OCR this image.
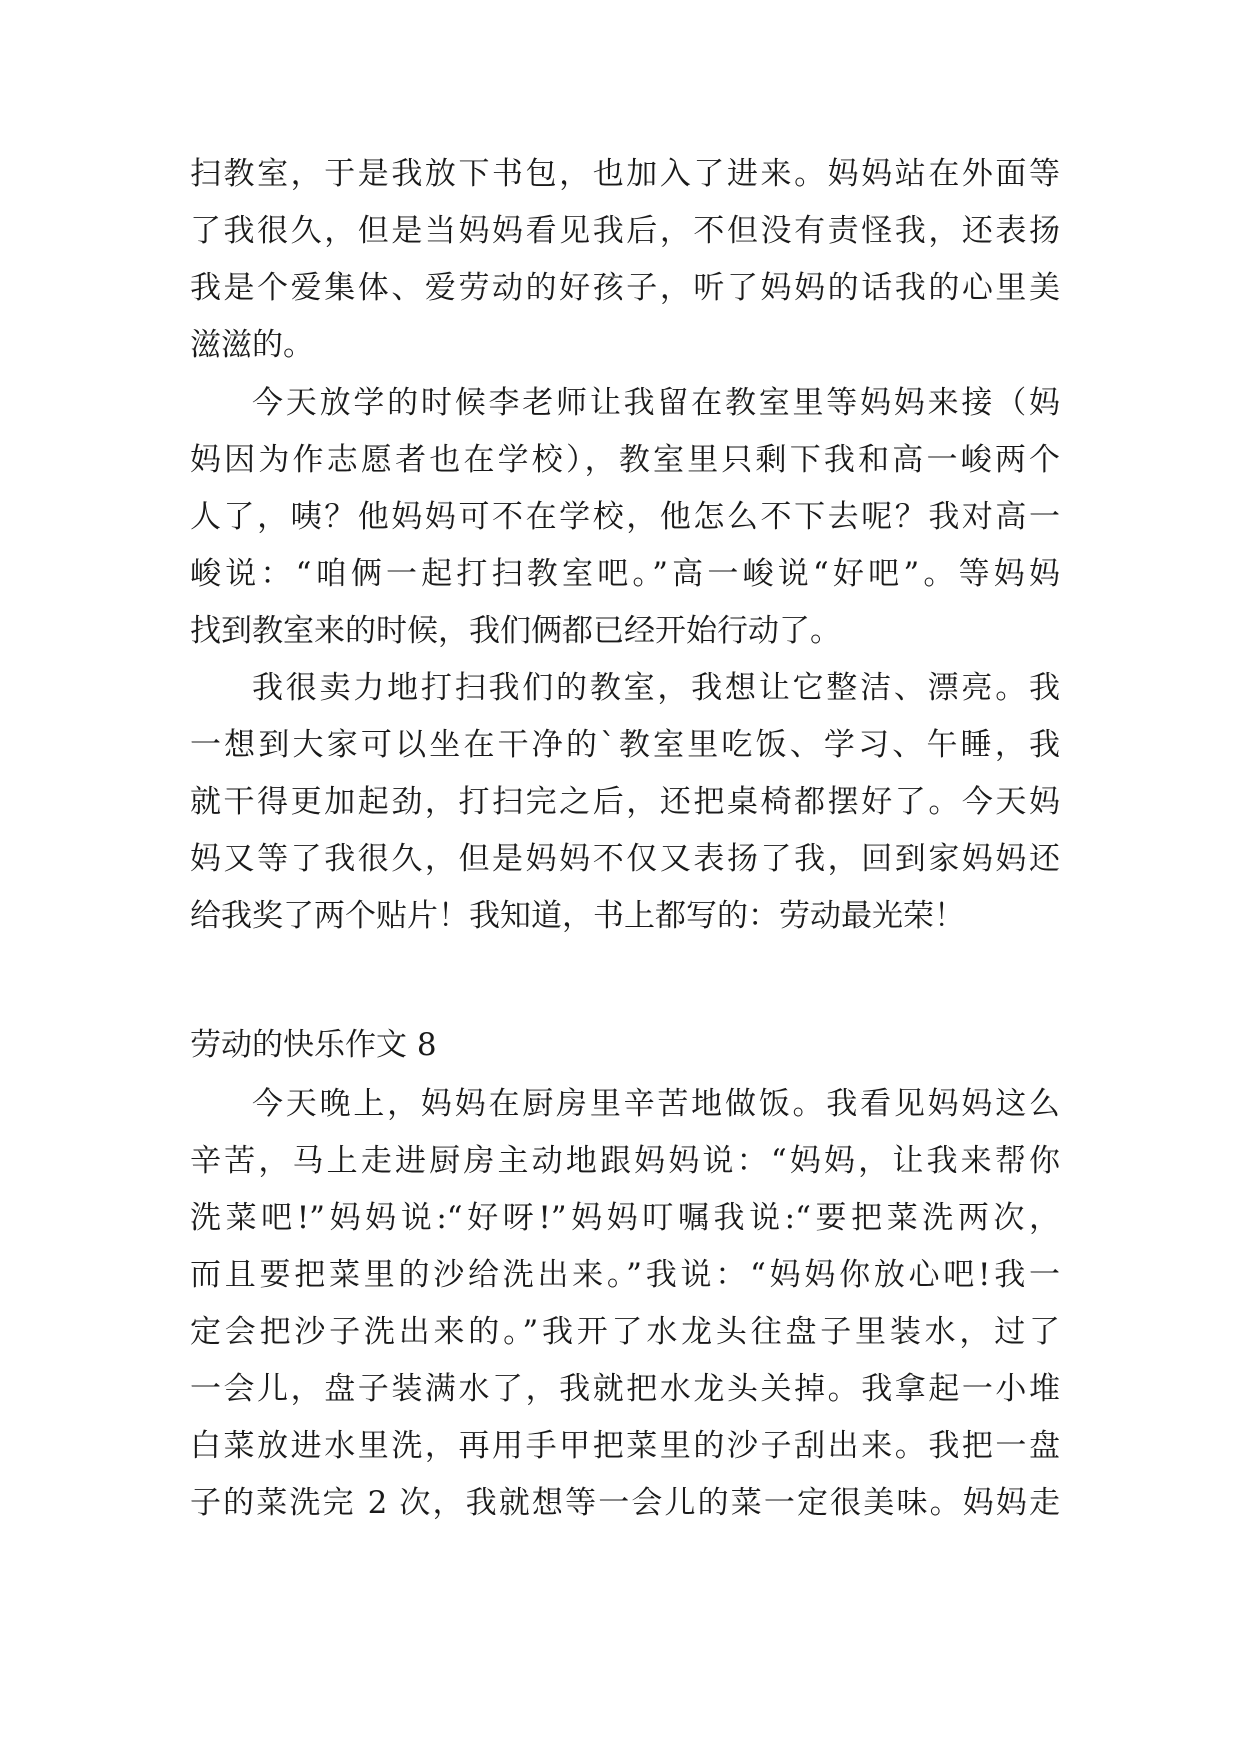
扫教室，于是我放下书包，也加入了进来。妈妈站在外面等
了我很久，但是当妈妈看见我后，不但没有责怪我，还表扬
我是个爱集体、爱劳动的好孩子，听了妈妈的话我的心里美
滋滋的。
今天放学的时候李老师让我留在教室里等妈妈来接（妈
妈因为作志愿者也在学校），教室里只剩下我和高一峻两个
人了，咦？他妈妈可不在学校，他怎么不下去呢？我对高一
峻说：“咱俩一起打扫教室吧。”高一峻说“好吧”。等妈妈
找到教室来的时候，我们俩都已经开始行动了。
我很卖力地打扫我们的教室，我想让它整洁、漂亮。我
一想到大家可以坐在干净的`教室里吃饭、学习、午睡，我
就干得更加起劲，打扫完之后，还把桌椅都摆好了。今天妈
妈又等了我很久，但是妈妈不仅又表扬了我，回到家妈妈还
给我奖了两个贴片！我知道，书上都写的：劳动最光荣！
劳动的快乐作文 8
今天晚上，妈妈在厨房里辛苦地做饭。我看见妈妈这么
辛苦，马上走进厨房主动地跟妈妈说：“妈妈，让我来帮你
洗菜吧!”妈妈说:“好呀!”妈妈叮嘱我说:“要把菜洗两次，
而且要把菜里的沙给洗出来。”我说：“妈妈你放心吧!我一
定会把沙子洗出来的。”我开了水龙头往盘子里装水，过了
一会儿，盘子装满水了，我就把水龙头关掉。我拿起一小堆
白菜放进水里洗，再用手甲把菜里的沙子刮出来。我把一盘
子的菜洗完 2 次，我就想等一会儿的菜一定很美味。妈妈走
